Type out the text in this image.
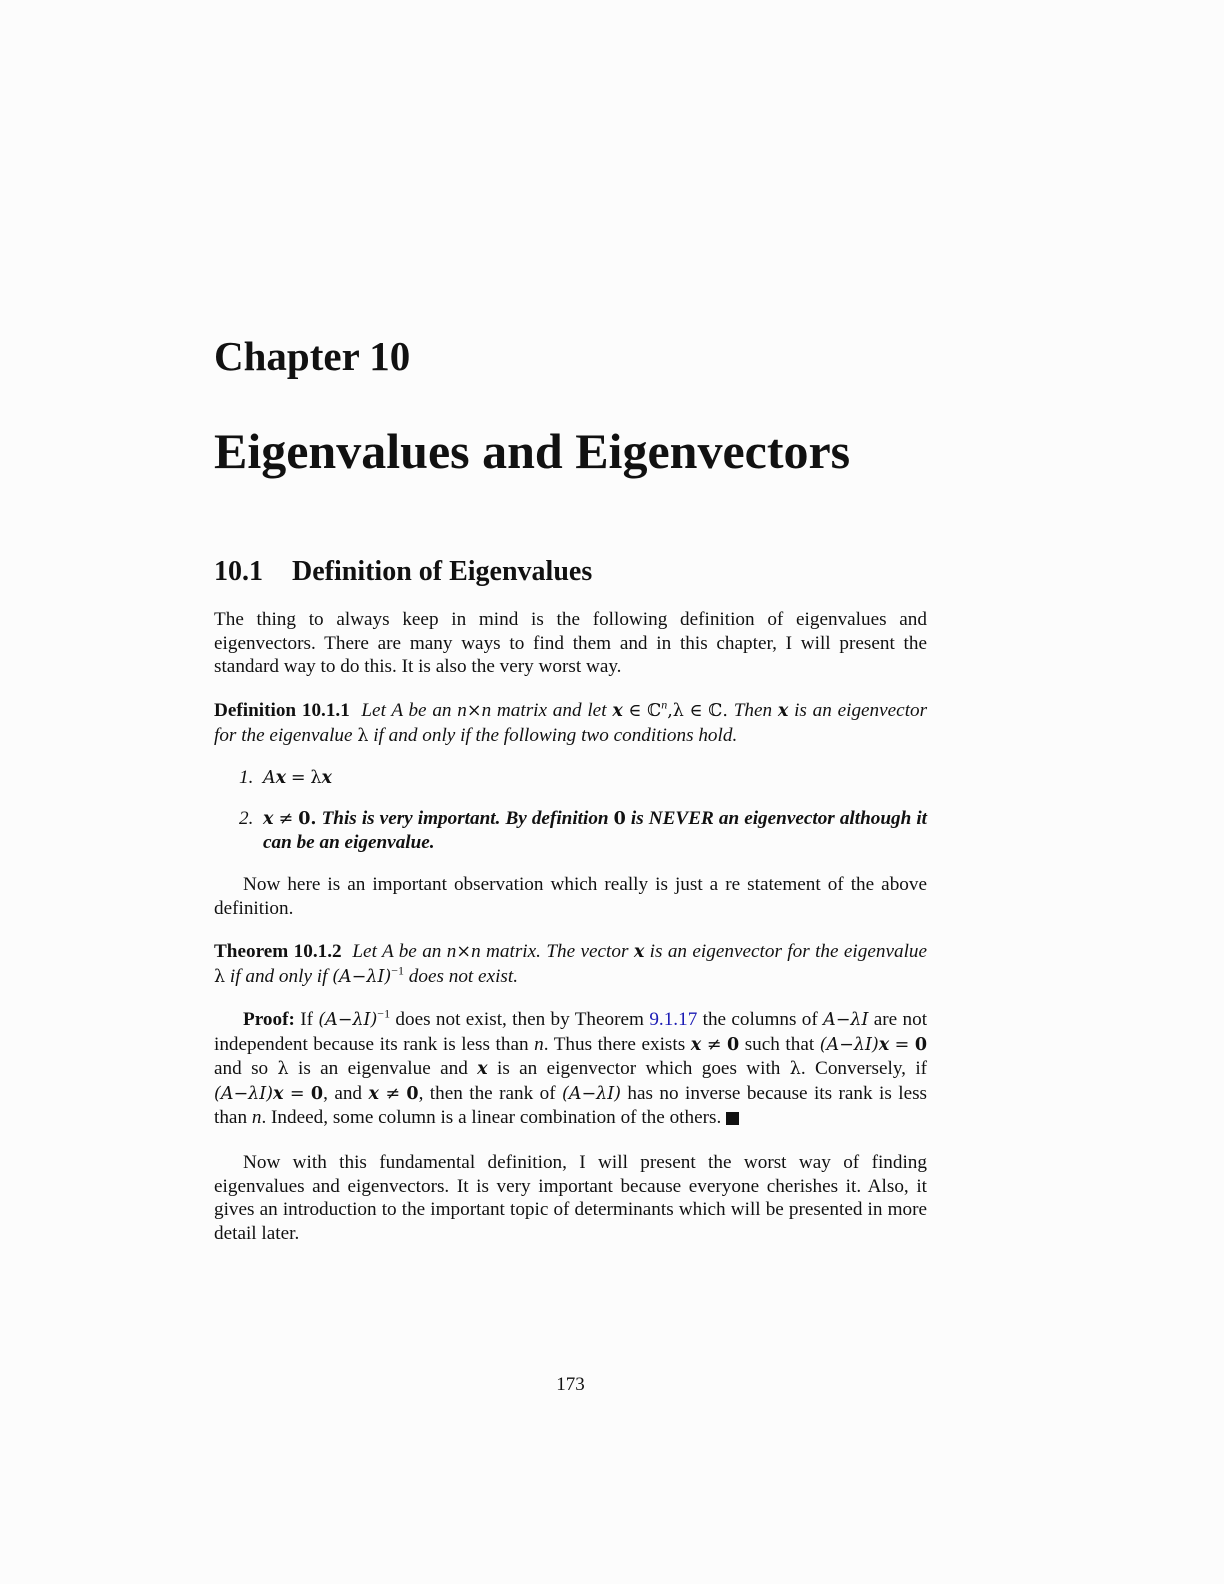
Chapter 10
Eigenvalues and Eigenvectors
10.1 Definition of Eigenvalues

The thing to always keep in mind is the following definition of eigenvalues and eigenvectors. There are many ways to find them and in this chapter, I will present the standard way to do this. It is also the very worst way.

Definition 10.1.1 Let A be an n×n matrix and let x ∈ ℂ$^n$,λ ∈ ℂ. Then x is an eigenvector for the eigenvalue λ if and only if the following two conditions hold.

1. Ax = λx
2. x ≠ 0. This is very important. By definition 0 is NEVER an eigenvector although it can be an eigenvalue.

Now here is an important observation which really is just a re statement of the above definition.

Theorem 10.1.2 Let A be an n×n matrix. The vector x is an eigenvector for the eigenvalue λ if and only if $(A-\lambda I)^{-1}$ does not exist.

Proof: If $(A-\lambda I)^{-1}$ does not exist, then by Theorem 9.1.17 the columns of A−λI are not independent because its rank is less than n. Thus there exists x ≠ 0 such that (A−λI)x = 0 and so λ is an eigenvalue and x is an eigenvector which goes with λ. Conversely, if (A−λI)x = 0, and x ≠ 0, then the rank of (A−λI) has no inverse because its rank is less than n. Indeed, some column is a linear combination of the others.

Now with this fundamental definition, I will present the worst way of finding eigenvalues and eigenvectors. It is very important because everyone cherishes it. Also, it gives an introduction to the important topic of determinants which will be presented in more detail later.

173
